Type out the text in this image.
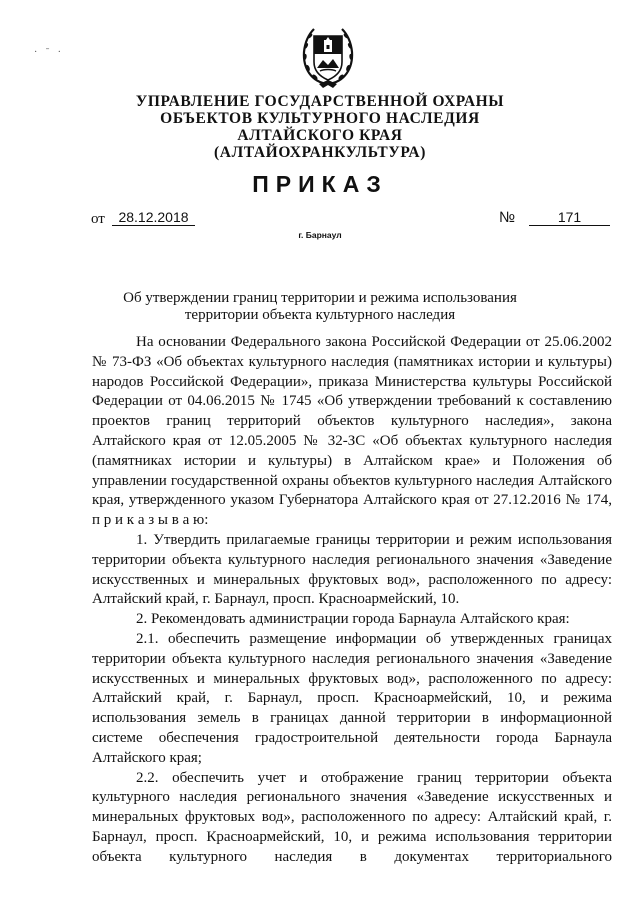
· ˉ ·
УПРАВЛЕНИЕ ГОСУДАРСТВЕННОЙ ОХРАНЫ
ОБЪЕКТОВ КУЛЬТУРНОГО НАСЛЕДИЯ
АЛТАЙСКОГО КРАЯ
(АЛТАЙОХРАНКУЛЬТУРА)
ПРИКАЗ
от 28.12.2018	№	171
г. Барнаул
Об утверждении границ территории и режима использования
территории объекта культурного наследия

На основании Федерального закона Российской Федерации от 25.06.2002 № 73-ФЗ «Об объектах культурного наследия (памятниках истории и культуры) народов Российской Федерации», приказа Министерства культуры Российской Федерации от 04.06.2015 № 1745 «Об утверждении требований к составлению проектов границ территорий объектов культурного наследия», закона Алтайского края от 12.05.2005 № 32-ЗС «Об объектах культурного наследия (памятниках истории и культуры) в Алтайском крае» и Положения об управлении государственной охраны объектов культурного наследия Алтайского края, утвержденного указом Губернатора Алтайского края от 27.12.2016 № 174, п р и к а з ы в а ю:

1. Утвердить прилагаемые границы территории и режим использования территории объекта культурного наследия регионального значения «Заведение искусственных и минеральных фруктовых вод», расположенного по адресу: Алтайский край, г. Барнаул, просп. Красноармейский, 10.

2. Рекомендовать администрации города Барнаула Алтайского края:

2.1. обеспечить размещение информации об утвержденных границах территории объекта культурного наследия регионального значения «Заведение искусственных и минеральных фруктовых вод», расположенного по адресу: Алтайский край, г. Барнаул, просп. Красноармейский, 10, и режима использования земель в границах данной территории в информационной системе обеспечения градостроительной деятельности города Барнаула Алтайского края;

2.2. обеспечить учет и отображение границ территории объекта культурного наследия регионального значения «Заведение искусственных и минеральных фруктовых вод», расположенного по адресу: Алтайский край, г. Барнаул, просп. Красноармейский, 10, и режима использования территории объекта культурного наследия в документах территориального
